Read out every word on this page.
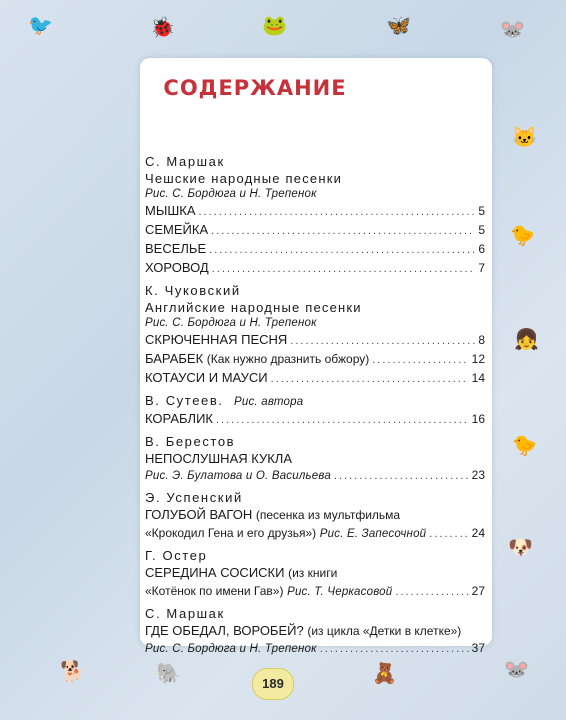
🐦	🐞	🐸	🦋	🐭
🐱
🐤
👧
🐤
🐶
🐭
🐕	🐘	🧸
СОДЕРЖАНИЕ
С. Маршак
Чешские народные песенки
Рис. С. Бордюга и Н. Трепенок
МЫШКА .....	5
СЕМЕЙКА .....	5
ВЕСЕЛЬЕ .....	6
ХОРОВОД .....	7
К. Чуковский
Английские народные песенки
Рис. С. Бордюга и Н. Трепенок
СКРЮЧЕННАЯ ПЕСНЯ .....	8
БАРАБЕК
(Как нужно дразнить обжору) .....	12
КОТАУСИ И МАУСИ .....	14
В. Сутеев. Рис. автора
КОРАБЛИК .....	16
В. Берестов
НЕПОСЛУШНАЯ КУКЛА
Рис. Э. Булатова и О. Васильева .....	23
Э. Успенский
ГОЛУБОЙ ВАГОН
(песенка из мультфильма
«Крокодил Гена и его друзья»)
Рис. Е. Запесочной .....	24
Г. Остер
СЕРЕДИНА СОСИСКИ
(из книги
«Котёнок по имени Гав»)
Рис. Т. Черкасовой .....	27
С. Маршак
ГДЕ ОБЕДАЛ, ВОРОБЕЙ?
(из цикла «Детки в клетке»)
Рис. С. Бордюга и Н. Трепенок .....	37
189
